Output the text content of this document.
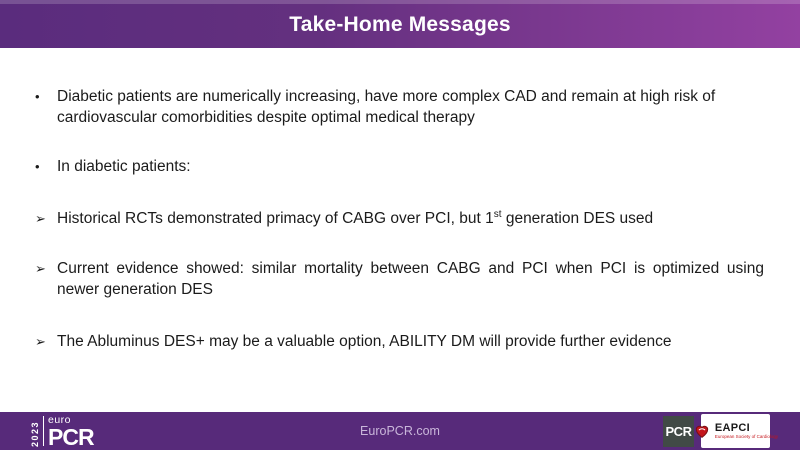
Take-Home Messages
•	Diabetic patients are numerically increasing, have more complex CAD and remain at high risk of cardiovascular comorbidities despite optimal medical therapy

•	In diabetic patients:

➢ Historical RCTs demonstrated primacy of CABG over PCI, but 1st generation DES used

➢ Current evidence showed: similar mortality between CABG and PCI when PCI is optimized using newer generation DES

➢ The Abluminus DES+ may be a valuable option, ABILITY DM will provide further evidence

EuroPCR.com
2023
euro
PCR	PCR EAPCI
European Society of Cardiology
